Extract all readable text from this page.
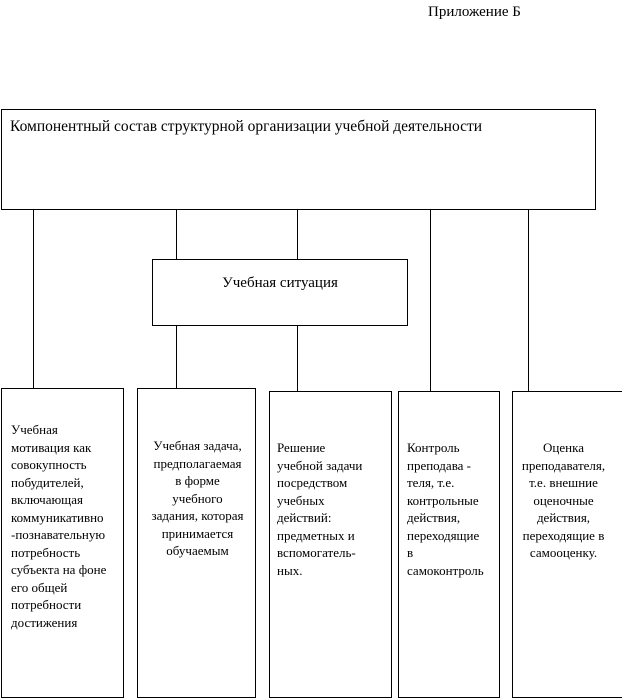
Приложение Б
Компонентный состав структурной организации учебной деятельности
Учебная ситуация
Учебная
мотивация как
совокупность
побудителей,
включающая
коммуникативно
-познавательную
потребность
субъекта на фоне
его общей
потребности
достижения
Учебная задача,
предполагаемая
в форме
учебного
задания, которая
принимается
обучаемым
Решение
учебной задачи
посредством
учебных
действий:
предметных и
вспомогатель-
ных.
Контроль
преподава -
теля, т.е.
контрольные
действия,
переходящие
в
самоконтроль
Оценка
преподавателя,
т.е. внешние
оценочные
действия,
переходящие в
самооценку.
